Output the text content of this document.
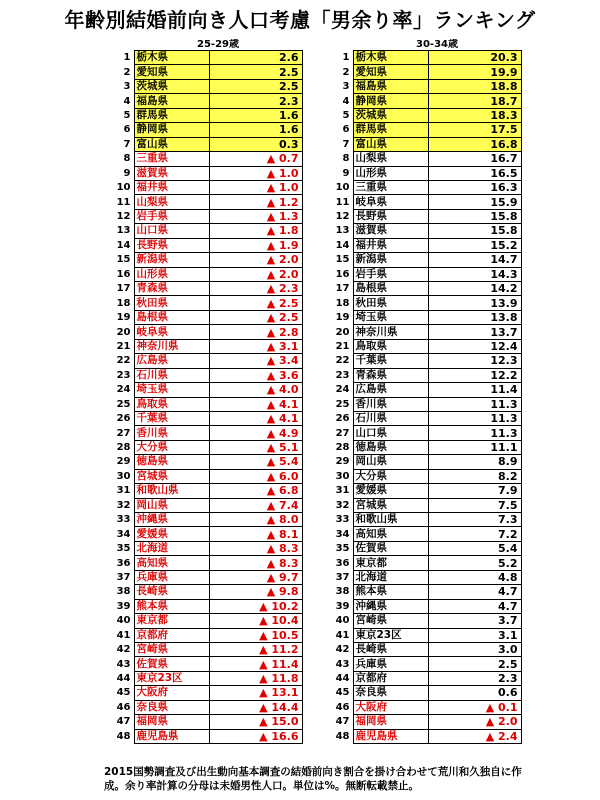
年齢別結婚前向き人口考慮「男余り率」ランキング
	25-29歳	
1	栃木県	2.6
2	愛知県	2.5
3	茨城県	2.5
4	福島県	2.3
5	群馬県	1.6
6	静岡県	1.6
7	富山県	0.3
8	三重県	▲ 0.7
9	滋賀県	▲ 1.0
10	福井県	▲ 1.0
11	山梨県	▲ 1.2
12	岩手県	▲ 1.3
13	山口県	▲ 1.8
14	長野県	▲ 1.9
15	新潟県	▲ 2.0
16	山形県	▲ 2.0
17	青森県	▲ 2.3
18	秋田県	▲ 2.5
19	島根県	▲ 2.5
20	岐阜県	▲ 2.8
21	神奈川県	▲ 3.1
22	広島県	▲ 3.4
23	石川県	▲ 3.6
24	埼玉県	▲ 4.0
25	鳥取県	▲ 4.1
26	千葉県	▲ 4.1
27	香川県	▲ 4.9
28	大分県	▲ 5.1
29	徳島県	▲ 5.4
30	宮城県	▲ 6.0
31	和歌山県	▲ 6.8
32	岡山県	▲ 7.4
33	沖縄県	▲ 8.0
34	愛媛県	▲ 8.1
35	北海道	▲ 8.3
36	高知県	▲ 8.3
37	兵庫県	▲ 9.7
38	長崎県	▲ 9.8
39	熊本県	▲ 10.2
40	東京都	▲ 10.4
41	京都府	▲ 10.5
42	宮崎県	▲ 11.2
43	佐賀県	▲ 11.4
44	東京23区	▲ 11.8
45	大阪府	▲ 13.1
46	奈良県	▲ 14.4
47	福岡県	▲ 15.0
48	鹿児島県	▲ 16.6
	30-34歳	
1	栃木県	20.3
2	愛知県	19.9
3	福島県	18.8
4	静岡県	18.7
5	茨城県	18.3
6	群馬県	17.5
7	富山県	16.8
8	山梨県	16.7
9	山形県	16.5
10	三重県	16.3
11	岐阜県	15.9
12	長野県	15.8
13	滋賀県	15.8
14	福井県	15.2
15	新潟県	14.7
16	岩手県	14.3
17	島根県	14.2
18	秋田県	13.9
19	埼玉県	13.8
20	神奈川県	13.7
21	鳥取県	12.4
22	千葉県	12.3
23	青森県	12.2
24	広島県	11.4
25	香川県	11.3
26	石川県	11.3
27	山口県	11.3
28	徳島県	11.1
29	岡山県	8.9
30	大分県	8.2
31	愛媛県	7.9
32	宮城県	7.5
33	和歌山県	7.3
34	高知県	7.2
35	佐賀県	5.4
36	東京都	5.2
37	北海道	4.8
38	熊本県	4.7
39	沖縄県	4.7
40	宮崎県	3.7
41	東京23区	3.1
42	長崎県	3.0
43	兵庫県	2.5
44	京都府	2.3
45	奈良県	0.6
46	大阪府	▲ 0.1
47	福岡県	▲ 2.0
48	鹿児島県	▲ 2.4
2015国勢調査及び出生動向基本調査の結婚前向き割合を掛け合わせて荒川和久独自に作成。余り率計算の分母は未婚男性人口。単位は%。無断転載禁止。
